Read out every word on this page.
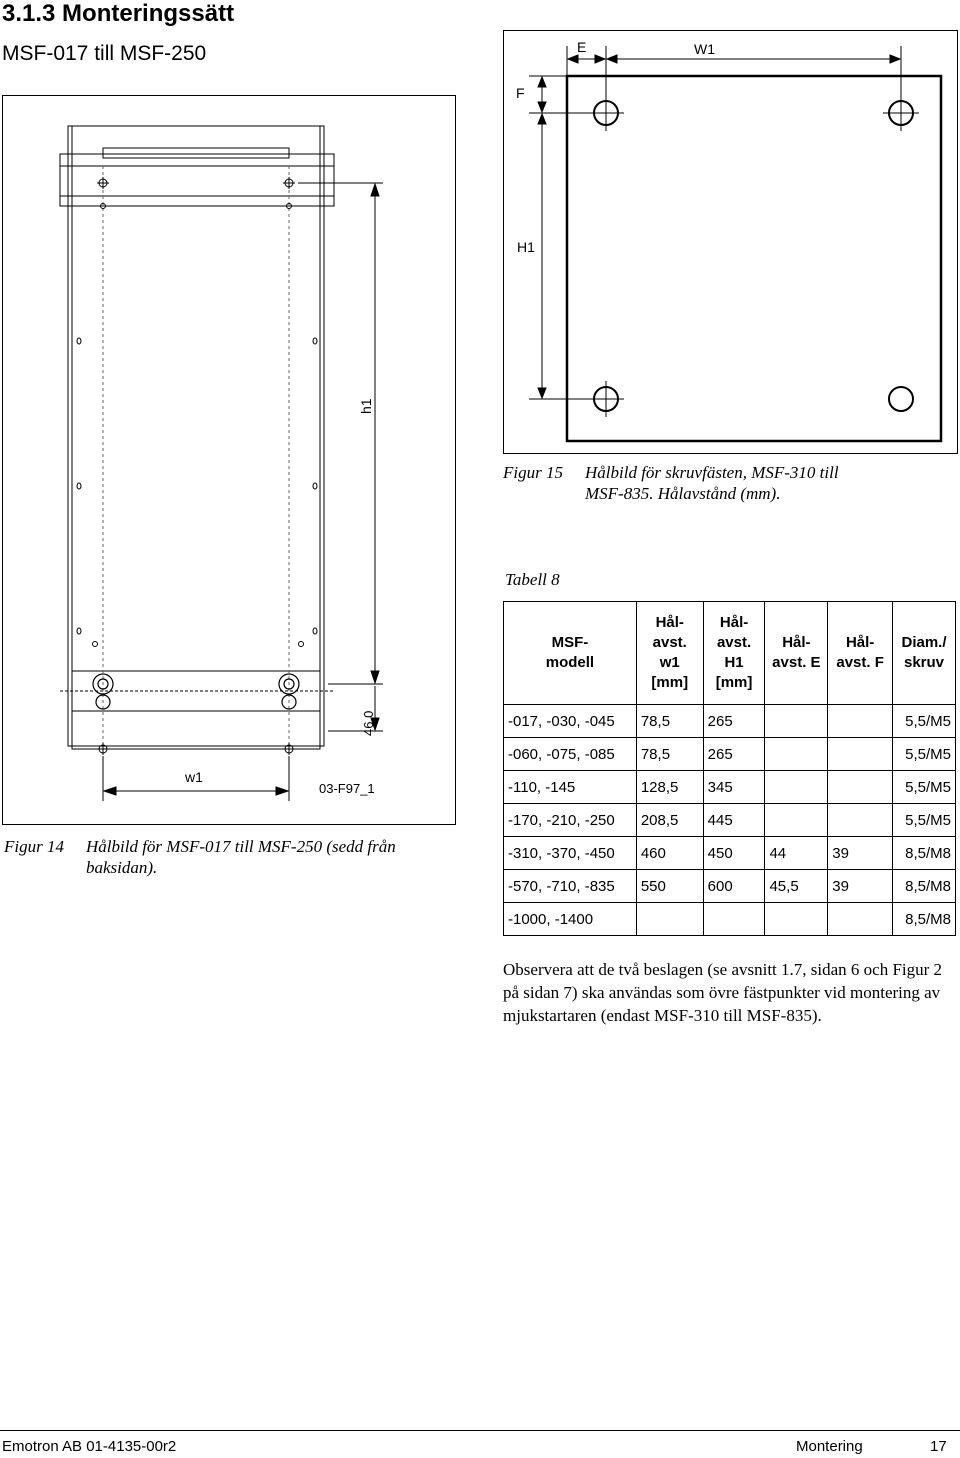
3.1.3 Monteringssätt
MSF-017 till MSF-250
h1
46.0
w1
03-F97_1
Figur 14 Hålbild för MSF-017 till MSF-250 (sedd från baksidan).
E	W1
F
H1
Figur 15 Hålbild för skruvfästen, MSF-310 till MSF-835. Hålavstånd (mm).
Tabell 8
MSF-
modell	Hål-
avst.
w1
[mm]	Hål-
avst.
H1
[mm]	Hål-
avst. E	Hål-
avst. F	Diam./
skruv
-017, -030, -045	78,5	265			5,5/M5
-060, -075, -085	78,5	265			5,5/M5
-110, -145	128,5	345			5,5/M5
-170, -210, -250	208,5	445			5,5/M5
-310, -370, -450	460	450	44	39	8,5/M8
-570, -710, -835	550	600	45,5	39	8,5/M8
-1000, -1400					8,5/M8
Observera att de två beslagen (se avsnitt 1.7, sidan 6 och Figur 2 på sidan 7) ska användas som övre fästpunkter vid montering av mjukstartaren (endast MSF-310 till MSF-835).
Emotron AB 01-4135-00r2	Montering	17
